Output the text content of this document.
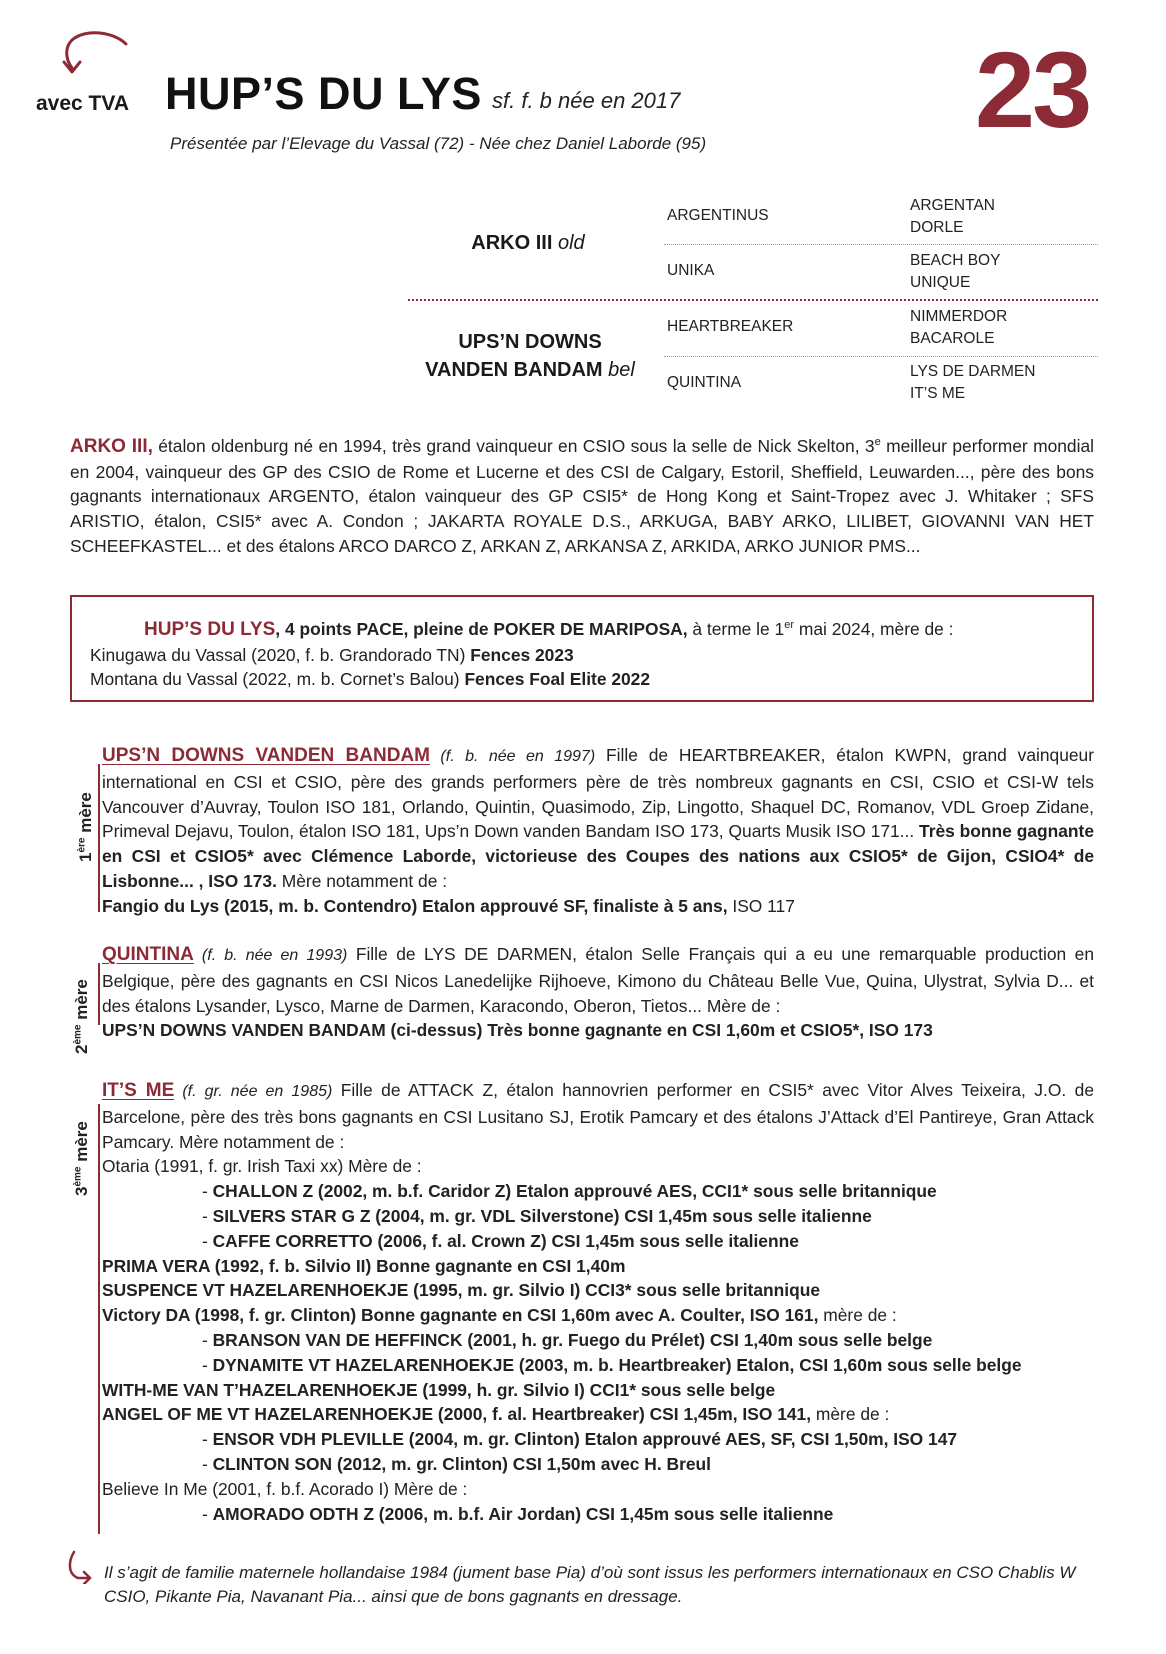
avec TVA HUP’S DU LYS sf. f. b née en 2017	23
Présentée par l’Elevage du Vassal (72) - Née chez Daniel Laborde (95)
ARKO III old
UPS’N DOWNS
VANDEN BANDAM bel
ARGENTINUS
UNIKA
HEARTBREAKER
QUINTINA
ARGENTAN
DORLE
BEACH BOY
UNIQUE
NIMMERDOR
BACAROLE
LYS DE DARMEN
IT’S ME
ARKO III, étalon oldenburg né en 1994, très grand vainqueur en CSIO sous la selle de Nick Skelton, 3e meilleur performer mondial en 2004, vainqueur des GP des CSIO de Rome et Lucerne et des CSI de Calgary, Estoril, Sheffield, Leuwarden..., père des bons gagnants internationaux ARGENTO, étalon vainqueur des GP CSI5* de Hong Kong et Saint-Tropez avec J. Whitaker ; SFS ARISTIO, étalon, CSI5* avec A. Condon ; JAKARTA ROYALE D.S., ARKUGA, BABY ARKO, LILIBET, GIOVANNI VAN HET SCHEEFKASTEL... et des étalons ARCO DARCO Z, ARKAN Z, ARKANSA Z, ARKIDA, ARKO JUNIOR PMS...
HUP’S DU LYS, 4 points PACE, pleine de POKER DE MARIPOSA, à terme le 1er mai 2024, mère de :
Kinugawa du Vassal (2020, f. b. Grandorado TN) Fences 2023
Montana du Vassal (2022, m. b. Cornet’s Balou) Fences Foal Elite 2022
1ère mère
UPS’N DOWNS VANDEN BANDAM (f. b. née en 1997) Fille de HEARTBREAKER, étalon KWPN, grand vainqueur international en CSI et CSIO, père des grands performers père de très nombreux gagnants en CSI, CSIO et CSI-W tels Vancouver d’Auvray, Toulon ISO 181, Orlando, Quintin, Quasimodo, Zip, Lingotto, Shaquel DC, Romanov, VDL Groep Zidane, Primeval Dejavu, Toulon, étalon ISO 181, Ups’n Down vanden Bandam ISO 173, Quarts Musik ISO 171... Très bonne gagnante en CSI et CSIO5* avec Clémence Laborde, victorieuse des Coupes des nations aux CSIO5* de Gijon, CSIO4* de Lisbonne... , ISO 173. Mère notamment de :
Fangio du Lys (2015, m. b. Contendro) Etalon approuvé SF, finaliste à 5 ans, ISO 117
2ème mère
QUINTINA (f. b. née en 1993) Fille de LYS DE DARMEN, étalon Selle Français qui a eu une remarquable production en Belgique, père des gagnants en CSI Nicos Lanedelijke Rijhoeve, Kimono du Château Belle Vue, Quina, Ulystrat, Sylvia D... et des étalons Lysander, Lysco, Marne de Darmen, Karacondo, Oberon, Tietos... Mère de :
UPS’N DOWNS VANDEN BANDAM (ci-dessus) Très bonne gagnante en CSI 1,60m et CSIO5*, ISO 173
3ème mère
IT’S ME (f. gr. née en 1985) Fille de ATTACK Z, étalon hannovrien performer en CSI5* avec Vitor Alves Teixeira, J.O. de Barcelone, père des très bons gagnants en CSI Lusitano SJ, Erotik Pamcary et des étalons J’Attack d’El Pantireye, Gran Attack Pamcary. Mère notamment de :
Otaria (1991, f. gr. Irish Taxi xx) Mère de :
- CHALLON Z (2002, m. b.f. Caridor Z) Etalon approuvé AES, CCI1* sous selle britannique
- SILVERS STAR G Z (2004, m. gr. VDL Silverstone) CSI 1,45m sous selle italienne
- CAFFE CORRETTO (2006, f. al. Crown Z) CSI 1,45m sous selle italienne
PRIMA VERA (1992, f. b. Silvio II) Bonne gagnante en CSI 1,40m
SUSPENCE VT HAZELARENHOEKJE (1995, m. gr. Silvio I) CCI3* sous selle britannique
Victory DA (1998, f. gr. Clinton) Bonne gagnante en CSI 1,60m avec A. Coulter, ISO 161, mère de :
- BRANSON VAN DE HEFFINCK (2001, h. gr. Fuego du Prélet) CSI 1,40m sous selle belge
- DYNAMITE VT HAZELARENHOEKJE (2003, m. b. Heartbreaker) Etalon, CSI 1,60m sous selle belge
WITH-ME VAN T’HAZELARENHOEKJE (1999, h. gr. Silvio I) CCI1* sous selle belge
ANGEL OF ME VT HAZELARENHOEKJE (2000, f. al. Heartbreaker) CSI 1,45m, ISO 141, mère de :
- ENSOR VDH PLEVILLE (2004, m. gr. Clinton) Etalon approuvé AES, SF, CSI 1,50m, ISO 147
- CLINTON SON (2012, m. gr. Clinton) CSI 1,50m avec H. Breul
Believe In Me (2001, f. b.f. Acorado I) Mère de :
- AMORADO ODTH Z (2006, m. b.f. Air Jordan) CSI 1,45m sous selle italienne
Il s’agit de familie maternele hollandaise 1984 (jument base Pia) d’où sont issus les performers internationaux en CSO Chablis W CSIO, Pikante Pia, Navanant Pia... ainsi que de bons gagnants en dressage.
